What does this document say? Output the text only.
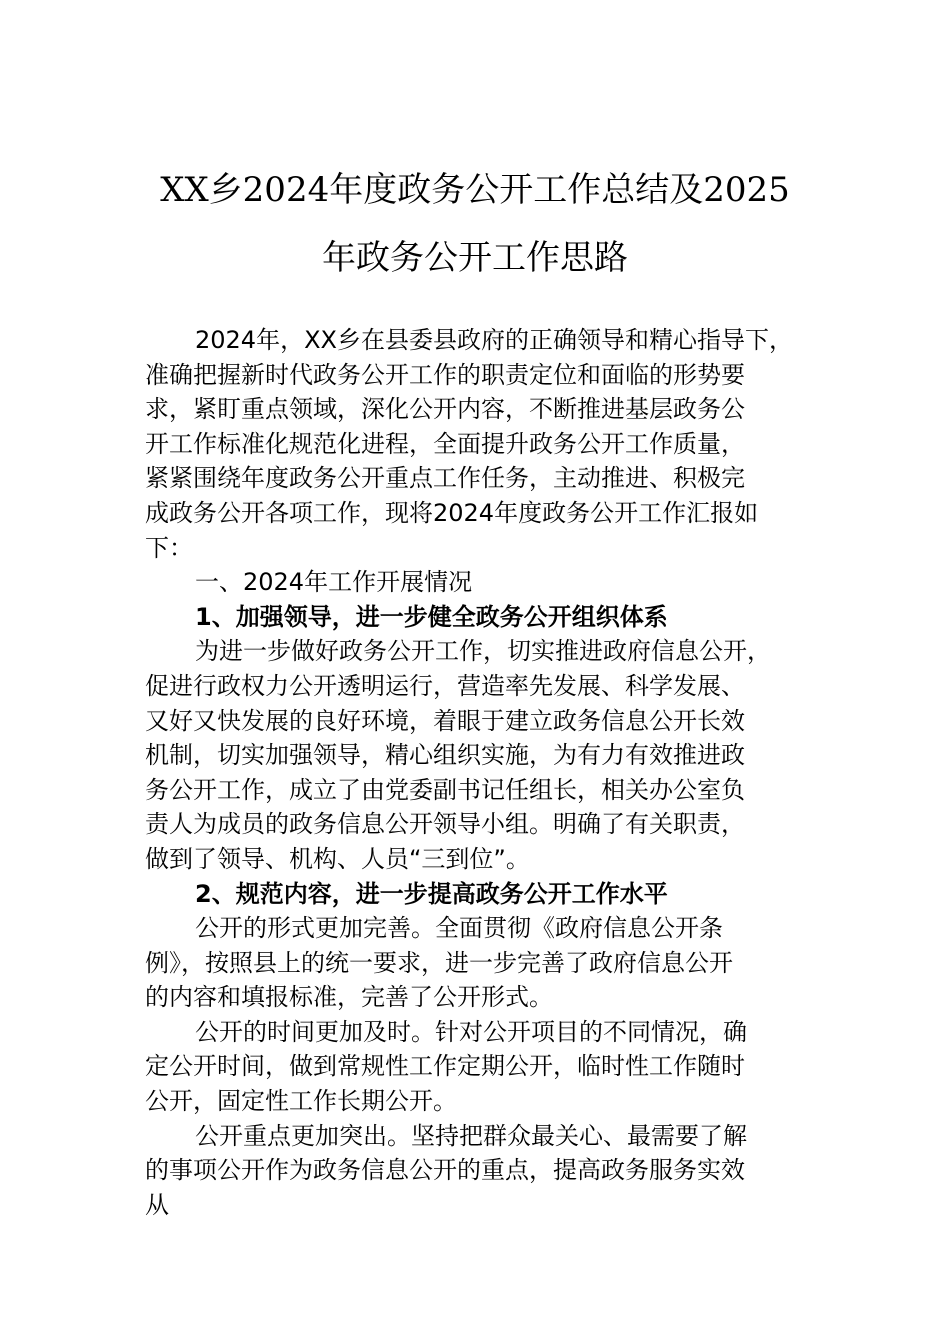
XX乡2024年度政务公开工作总结及2025
年政务公开工作思路
2024年，XX乡在县委县政府的正确领导和精心指导下，
准确把握新时代政务公开工作的职责定位和面临的形势要
求，紧盯重点领域，深化公开内容，不断推进基层政务公
开工作标准化规范化进程，全面提升政务公开工作质量，
紧紧围绕年度政务公开重点工作任务，主动推进、积极完
成政务公开各项工作，现将2024年度政务公开工作汇报如
下：
一、2024年工作开展情况
1、加强领导，进一步健全政务公开组织体系
为进一步做好政务公开工作，切实推进政府信息公开，
促进行政权力公开透明运行，营造率先发展、科学发展、
又好又快发展的良好环境，着眼于建立政务信息公开长效
机制，切实加强领导，精心组织实施，为有力有效推进政
务公开工作，成立了由党委副书记任组长，相关办公室负
责人为成员的政务信息公开领导小组。明确了有关职责，
做到了领导、机构、人员“三到位”。
2、规范内容，进一步提高政务公开工作水平
公开的形式更加完善。全面贯彻《政府信息公开条
例》，按照县上的统一要求，进一步完善了政府信息公开
的内容和填报标准，完善了公开形式。
公开的时间更加及时。针对公开项目的不同情况，确
定公开时间，做到常规性工作定期公开，临时性工作随时
公开，固定性工作长期公开。
公开重点更加突出。坚持把群众最关心、最需要了解
的事项公开作为政务信息公开的重点，提高政务服务实效
从
